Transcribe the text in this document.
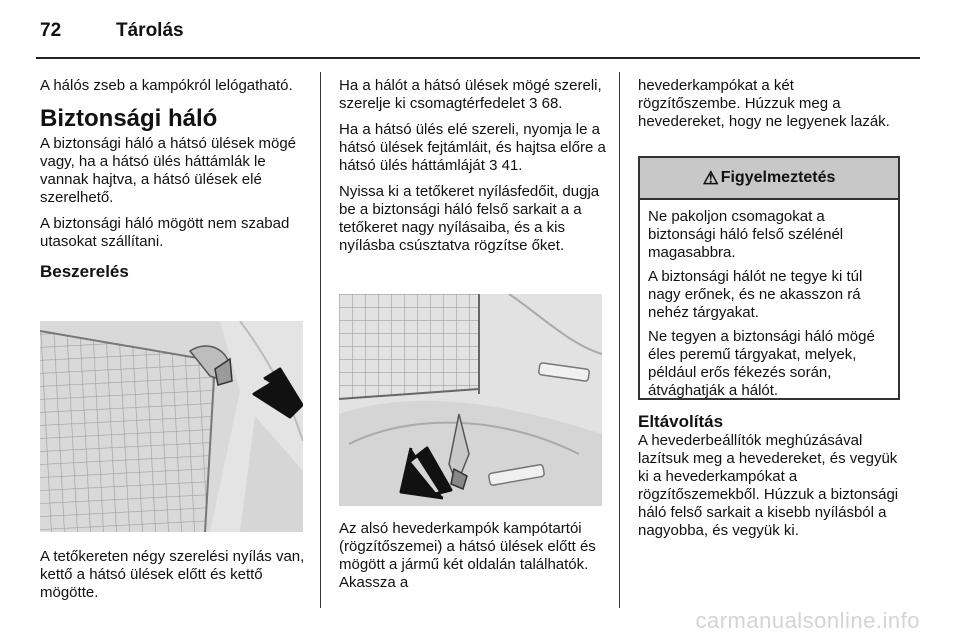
72	Tárolás

A hálós zseb a kampókról lelógatható.

Biztonsági háló

A biztonsági háló a hátsó ülések mögé vagy, ha a hátsó ülés háttámlák le vannak hajtva, a hátsó ülések elé szerelhető.

A biztonsági háló mögött nem szabad utasokat szállítani.

Beszerelés

A tetőkereten négy szerelési nyílás van, kettő a hátsó ülések előtt és kettő mögötte.

Ha a hálót a hátsó ülések mögé szereli, szerelje ki csomagtérfedelet 3 68.

Ha a hátsó ülés elé szereli, nyomja le a hátsó ülések fejtámláit, és hajtsa előre a hátsó ülés háttámláját 3 41.

Nyissa ki a tetőkeret nyílásfedőit, dugja be a biztonsági háló felső sarkait a a tetőkeret nagy nyílásaiba, és a kis nyílásba csúsztatva rögzítse őket.

Az alsó hevederkampók kampótartói (rögzítőszemei) a hátsó ülések előtt és mögött a jármű két oldalán találhatók. Akassza a

hevederkampókat a két rögzítőszembe. Húzzuk meg a hevedereket, hogy ne legyenek lazák.

⚠ Figyelmeztetés

Ne pakoljon csomagokat a biztonsági háló felső szélénél magasabbra.

A biztonsági hálót ne tegye ki túl nagy erőnek, és ne akasszon rá nehéz tárgyakat.

Ne tegyen a biztonsági háló mögé éles peremű tárgyakat, melyek, például erős fékezés során, átvághatják a hálót.

Eltávolítás

A hevederbeállítók meghúzásával lazítsuk meg a hevedereket, és vegyük ki a hevederkampókat a rögzítőszemekből. Húzzuk a biztonsági háló felső sarkait a kisebb nyílásból a nagyobba, és vegyük ki.

carmanualsonline.info
